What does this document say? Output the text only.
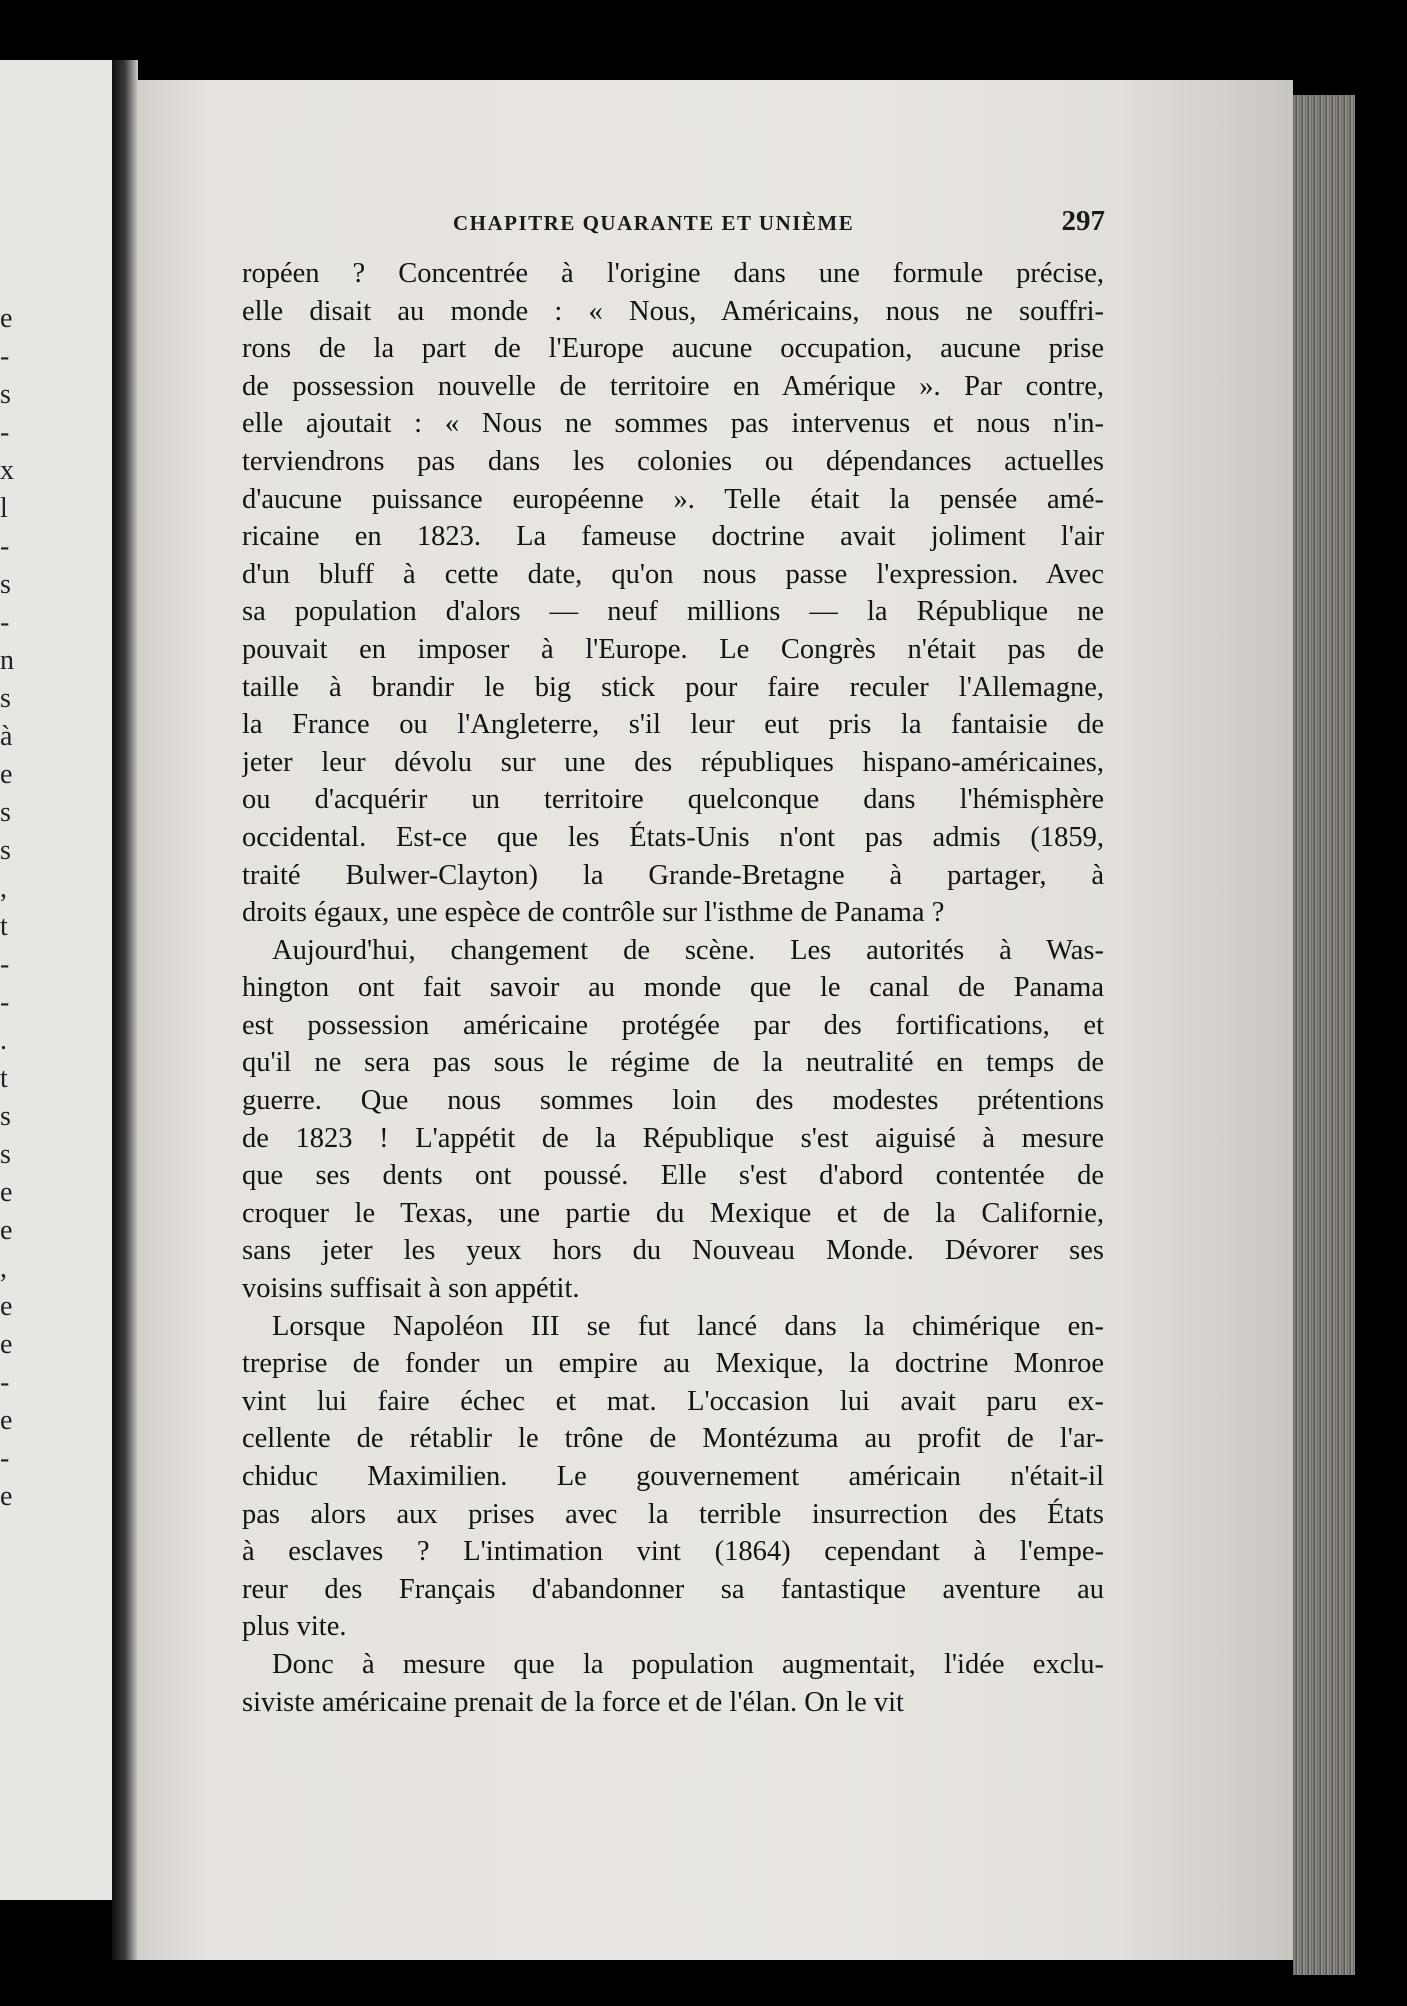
e
-
s
-
x
l
-
s
-
n
s
à
e
s
s
,
t
-
-
.
t
s
s
e
e
,
e
e
-
e
-
e
CHAPITRE QUARANTE ET UNIÈME	297
ropéen ? Concentrée à l'origine dans une formule précise,
elle disait au monde : « Nous, Américains, nous ne souffri-
rons de la part de l'Europe aucune occupation, aucune prise
de possession nouvelle de territoire en Amérique ». Par contre,
elle ajoutait : « Nous ne sommes pas intervenus et nous n'in-
terviendrons pas dans les colonies ou dépendances actuelles
d'aucune puissance européenne ». Telle était la pensée amé-
ricaine en 1823. La fameuse doctrine avait joliment l'air
d'un bluff à cette date, qu'on nous passe l'expression. Avec
sa population d'alors — neuf millions — la République ne
pouvait en imposer à l'Europe. Le Congrès n'était pas de
taille à brandir le big stick pour faire reculer l'Allemagne,
la France ou l'Angleterre, s'il leur eut pris la fantaisie de
jeter leur dévolu sur une des républiques hispano-américaines,
ou d'acquérir un territoire quelconque dans l'hémisphère
occidental. Est-ce que les États-Unis n'ont pas admis (1859,
traité Bulwer-Clayton) la Grande-Bretagne à partager, à
droits égaux, une espèce de contrôle sur l'isthme de Panama ?
Aujourd'hui, changement de scène. Les autorités à Was-
hington ont fait savoir au monde que le canal de Panama
est possession américaine protégée par des fortifications, et
qu'il ne sera pas sous le régime de la neutralité en temps de
guerre. Que nous sommes loin des modestes prétentions
de 1823 ! L'appétit de la République s'est aiguisé à mesure
que ses dents ont poussé. Elle s'est d'abord contentée de
croquer le Texas, une partie du Mexique et de la Californie,
sans jeter les yeux hors du Nouveau Monde. Dévorer ses
voisins suffisait à son appétit.
Lorsque Napoléon III se fut lancé dans la chimérique en-
treprise de fonder un empire au Mexique, la doctrine Monroe
vint lui faire échec et mat. L'occasion lui avait paru ex-
cellente de rétablir le trône de Montézuma au profit de l'ar-
chiduc Maximilien. Le gouvernement américain n'était-il
pas alors aux prises avec la terrible insurrection des États
à esclaves ? L'intimation vint (1864) cependant à l'empe-
reur des Français d'abandonner sa fantastique aventure au
plus vite.
Donc à mesure que la population augmentait, l'idée exclu-
siviste américaine prenait de la force et de l'élan. On le vit
